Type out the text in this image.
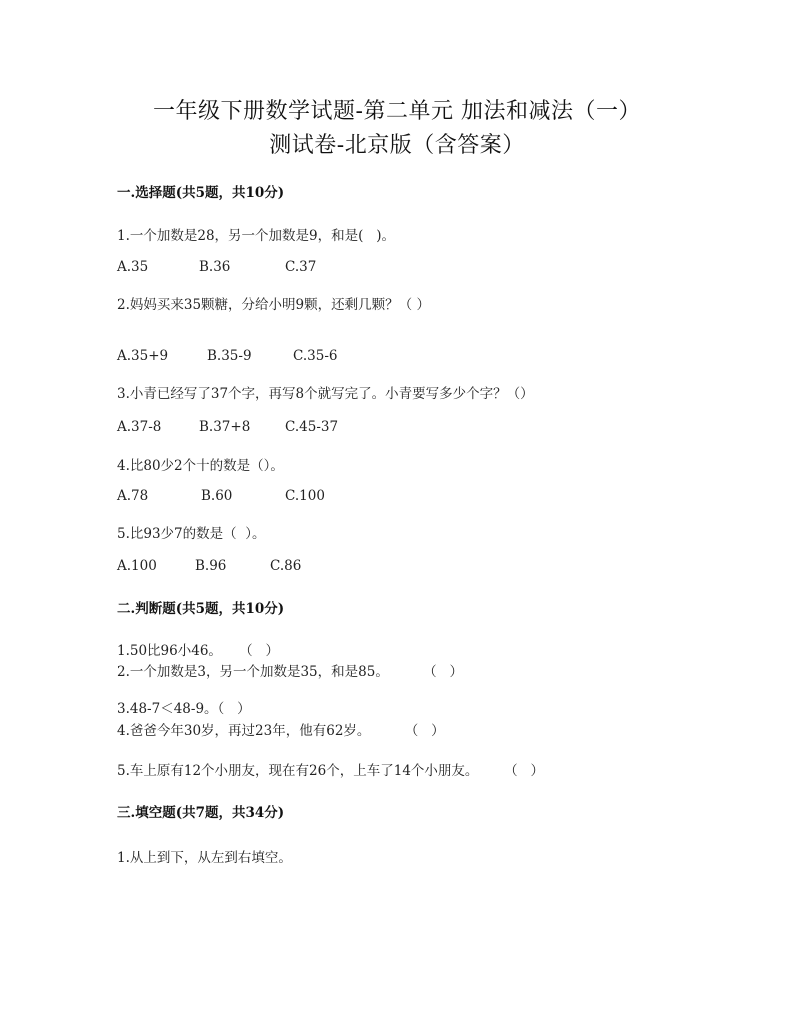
一年级下册数学试题-第二单元 加法和减法（一）
测试卷-北京版（含答案）
一.选择题(共5题，共10分)
1.一个加数是28，另一个加数是9，和是(   )。
A.35	B.36	C.37
2.妈妈买来35颗糖，分给小明9颗，还剩几颗？（ ）
A.35+9	B.35-9	C.35-6
3.小青已经写了37个字，再写8个就写完了。小青要写多少个字？（）
A.37-8	B.37+8	C.45-37
4.比80少2个十的数是（）。
A.78	B.60	C.100
5.比93少7的数是（  ）。
A.100	B.96	C.86
二.判断题(共5题，共10分)
1.50比96小46。    （   ）
2.一个加数是3，另一个加数是35，和是85。        （   ）
3.48-7＜48-9。（   ）
4.爸爸今年30岁，再过23年，他有62岁。        （   ）
5.车上原有12个小朋友，现在有26个，上车了14个小朋友。      （   ）
三.填空题(共7题，共34分)
1.从上到下，从左到右填空。
